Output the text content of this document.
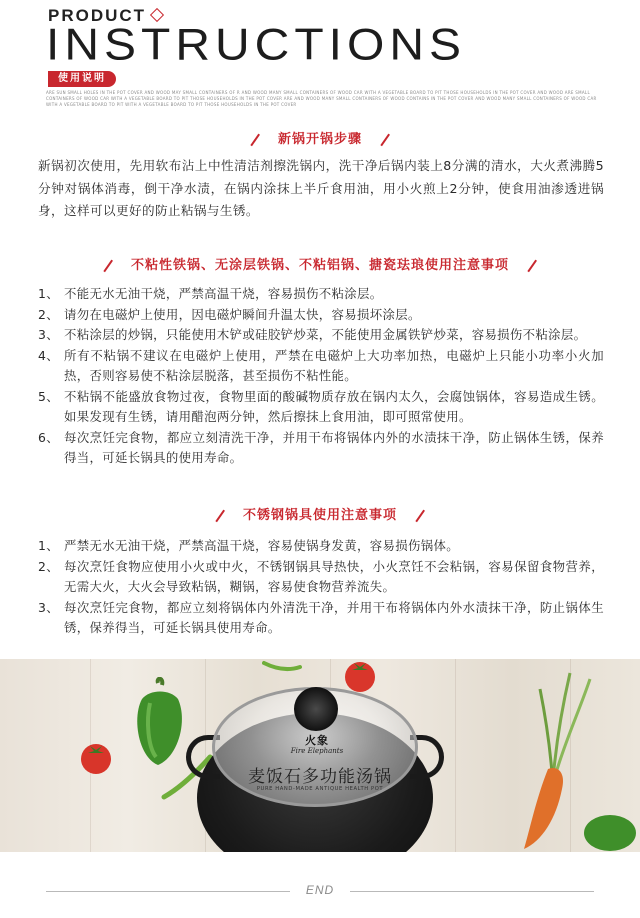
PRODUCT
INSTRUCTIONS
使用说明
ARE SUN SMALL HOLES IN THE POT COVER AND WOOD MAY SMALL CONTAINERS OF R AND WOOD MANY SMALL CONTAINERS OF WOOD CAR WITH A VEGETABLE BOARD TO PIT THOSE HOUSEHOLDS IN THE POT COVER AND WOOD ARE SMALL CONTAINERS OF WOOD CAR WITH A VEGETABLE BOARD TO PIT THOSE HOUSEHOLDS IN THE POT COVER ARE AND WOOD MANY SMALL CONTAINERS OF WOOD CONTAINS IN THE POT COVER AND WOOD MANY SMALL CONTAINERS OF WOOD CAR WITH A VEGETABLE BOARD TO PIT WITH A VEGETABLE BOARD TO PIT THOSE HOUSEHOLDS IN THE POT COVER
新锅开锅步骤
新锅初次使用，先用软布沾上中性清洁剂擦洗锅内，洗干净后锅内装上8分满的清水，大火煮沸腾5分钟对锅体消毒，倒干净水渍，在锅内涂抹上半斤食用油，用小火煎上2分钟，使食用油渗透进锅身，这样可以更好的防止粘锅与生锈。
不粘性铁锅、无涂层铁锅、不粘铝锅、搪瓷珐琅使用注意事项
1、 不能无水无油干烧，严禁高温干烧，容易损伤不粘涂层。
2、 请勿在电磁炉上使用，因电磁炉瞬间升温太快，容易损坏涂层。
3、 不粘涂层的炒锅，只能使用木铲或硅胶铲炒菜，不能使用金属铁铲炒菜，容易损伤不粘涂层。
4、 所有不粘锅不建议在电磁炉上使用，严禁在电磁炉上大功率加热，电磁炉上只能小功率小火加热，否则容易使不粘涂层脱落，甚至损伤不粘性能。
5、 不粘锅不能盛放食物过夜，食物里面的酸碱物质存放在锅内太久，会腐蚀锅体，容易造成生锈。如果发现有生锈，请用醋泡两分钟，然后擦抹上食用油，即可照常使用。
6、 每次烹饪完食物，都应立刻清洗干净，并用干布将锅体内外的水渍抹干净，防止锅体生锈，保养得当，可延长锅具的使用寿命。
不锈钢锅具使用注意事项
1、 严禁无水无油干烧，严禁高温干烧，容易使锅身发黄，容易损伤锅体。
2、 每次烹饪食物应使用小火或中火，不锈钢锅具导热快，小火烹饪不会粘锅，容易保留食物营养，无需大火，大火会导致粘锅，糊锅，容易使食物营养流失。
3、 每次烹饪完食物，都应立刻将锅体内外清洗干净，并用干布将锅体内外水渍抹干净，防止锅体生锈，保养得当，可延长锅具使用寿命。
火象
Fire Elephants
麦饭石多功能汤锅
PURE HAND-MADE ANTIQUE HEALTH POT
END
